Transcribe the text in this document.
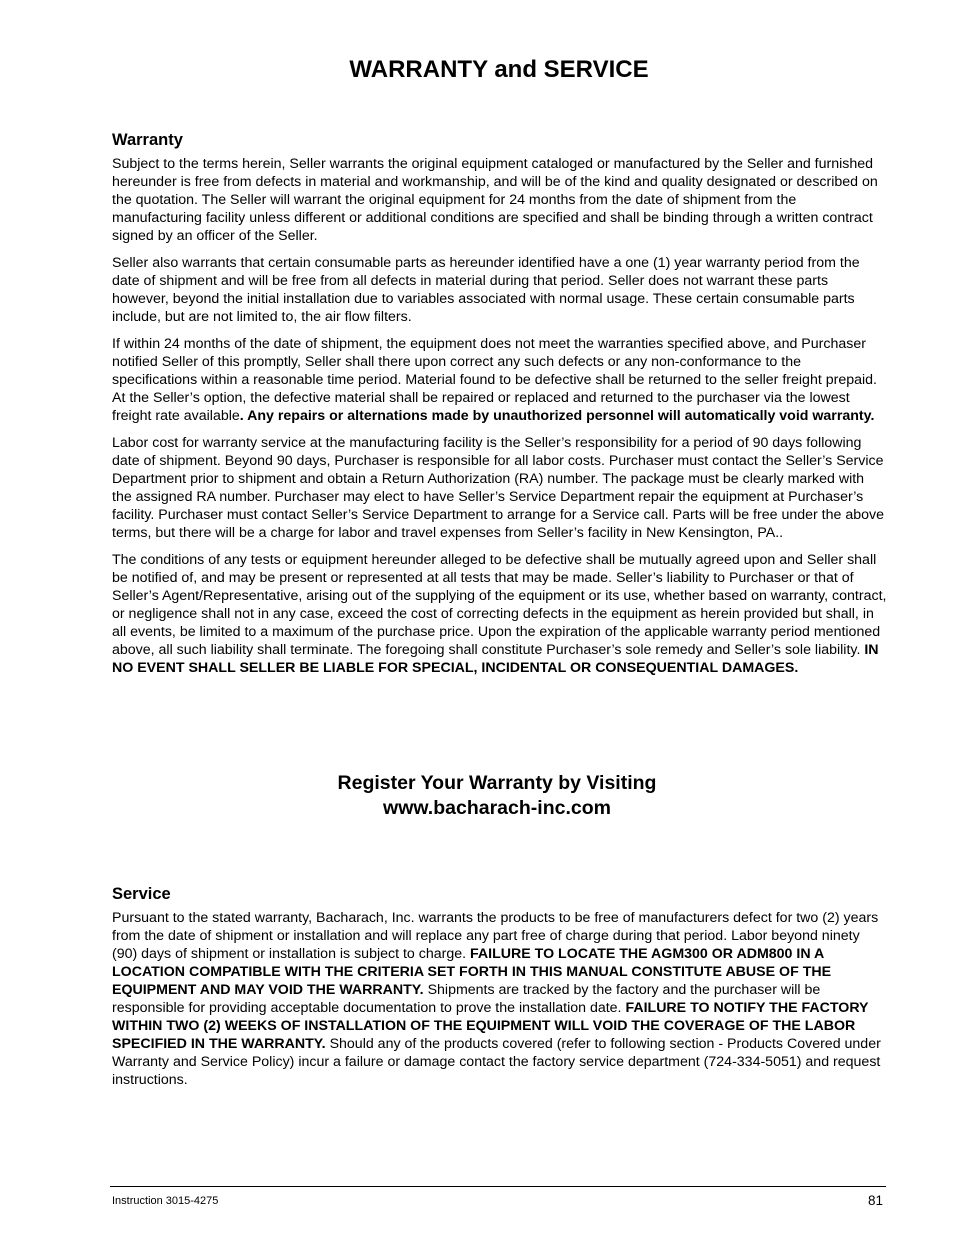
WARRANTY and SERVICE
Warranty

Subject to the terms herein, Seller warrants the original equipment cataloged or manufactured by the Seller and furnished hereunder is free from defects in material and workmanship, and will be of the kind and quality designated or described on the quotation. The Seller will warrant the original equipment for 24 months from the date of shipment from the manufacturing facility unless different or additional conditions are specified and shall be binding through a written contract signed by an officer of the Seller.

Seller also warrants that certain consumable parts as hereunder identified have a one (1) year warranty period from the date of shipment and will be free from all defects in material during that period. Seller does not warrant these parts however, beyond the initial installation due to variables associated with normal usage. These certain consumable parts include, but are not limited to, the air flow filters.

If within 24 months of the date of shipment, the equipment does not meet the warranties specified above, and Purchaser notified Seller of this promptly, Seller shall there upon correct any such defects or any non-conformance to the specifications within a reasonable time period. Material found to be defective shall be returned to the seller freight prepaid. At the Seller’s option, the defective material shall be repaired or replaced and returned to the purchaser via the lowest freight rate available. Any repairs or alternations made by unauthorized personnel will automatically void warranty.

Labor cost for warranty service at the manufacturing facility is the Seller’s responsibility for a period of 90 days following date of shipment. Beyond 90 days, Purchaser is responsible for all labor costs. Purchaser must contact the Seller’s Service Department prior to shipment and obtain a Return Authorization (RA) number. The package must be clearly marked with the assigned RA number. Purchaser may elect to have Seller’s Service Department repair the equipment at Purchaser’s facility. Purchaser must contact Seller’s Service Department to arrange for a Service call. Parts will be free under the above terms, but there will be a charge for labor and travel expenses from Seller’s facility in New Kensington, PA..

The conditions of any tests or equipment hereunder alleged to be defective shall be mutually agreed upon and Seller shall be notified of, and may be present or represented at all tests that may be made. Seller’s liability to Purchaser or that of Seller’s Agent/Representative, arising out of the supplying of the equipment or its use, whether based on warranty, contract, or negligence shall not in any case, exceed the cost of correcting defects in the equipment as herein provided but shall, in all events, be limited to a maximum of the purchase price. Upon the expiration of the applicable warranty period mentioned above, all such liability shall terminate. The foregoing shall constitute Purchaser’s sole remedy and Seller’s sole liability. IN NO EVENT SHALL SELLER BE LIABLE FOR SPECIAL, INCIDENTAL OR CONSEQUENTIAL DAMAGES.

Register Your Warranty by Visiting
www.bacharach-inc.com
Service

Pursuant to the stated warranty, Bacharach, Inc. warrants the products to be free of manufacturers defect for two (2) years from the date of shipment or installation and will replace any part free of charge during that period. Labor beyond ninety (90) days of shipment or installation is subject to charge. FAILURE TO LOCATE THE AGM300 OR ADM800 IN A LOCATION COMPATIBLE WITH THE CRITERIA SET FORTH IN THIS MANUAL CONSTITUTE ABUSE OF THE EQUIPMENT AND MAY VOID THE WARRANTY. Shipments are tracked by the factory and the purchaser will be responsible for providing acceptable documentation to prove the installation date. FAILURE TO NOTIFY THE FACTORY WITHIN TWO (2) WEEKS OF INSTALLATION OF THE EQUIPMENT WILL VOID THE COVERAGE OF THE LABOR SPECIFIED IN THE WARRANTY. Should any of the products covered (refer to following section - Products Covered under Warranty and Service Policy) incur a failure or damage contact the factory service department (724-334-5051) and request instructions.

Instruction 3015-4275	81
